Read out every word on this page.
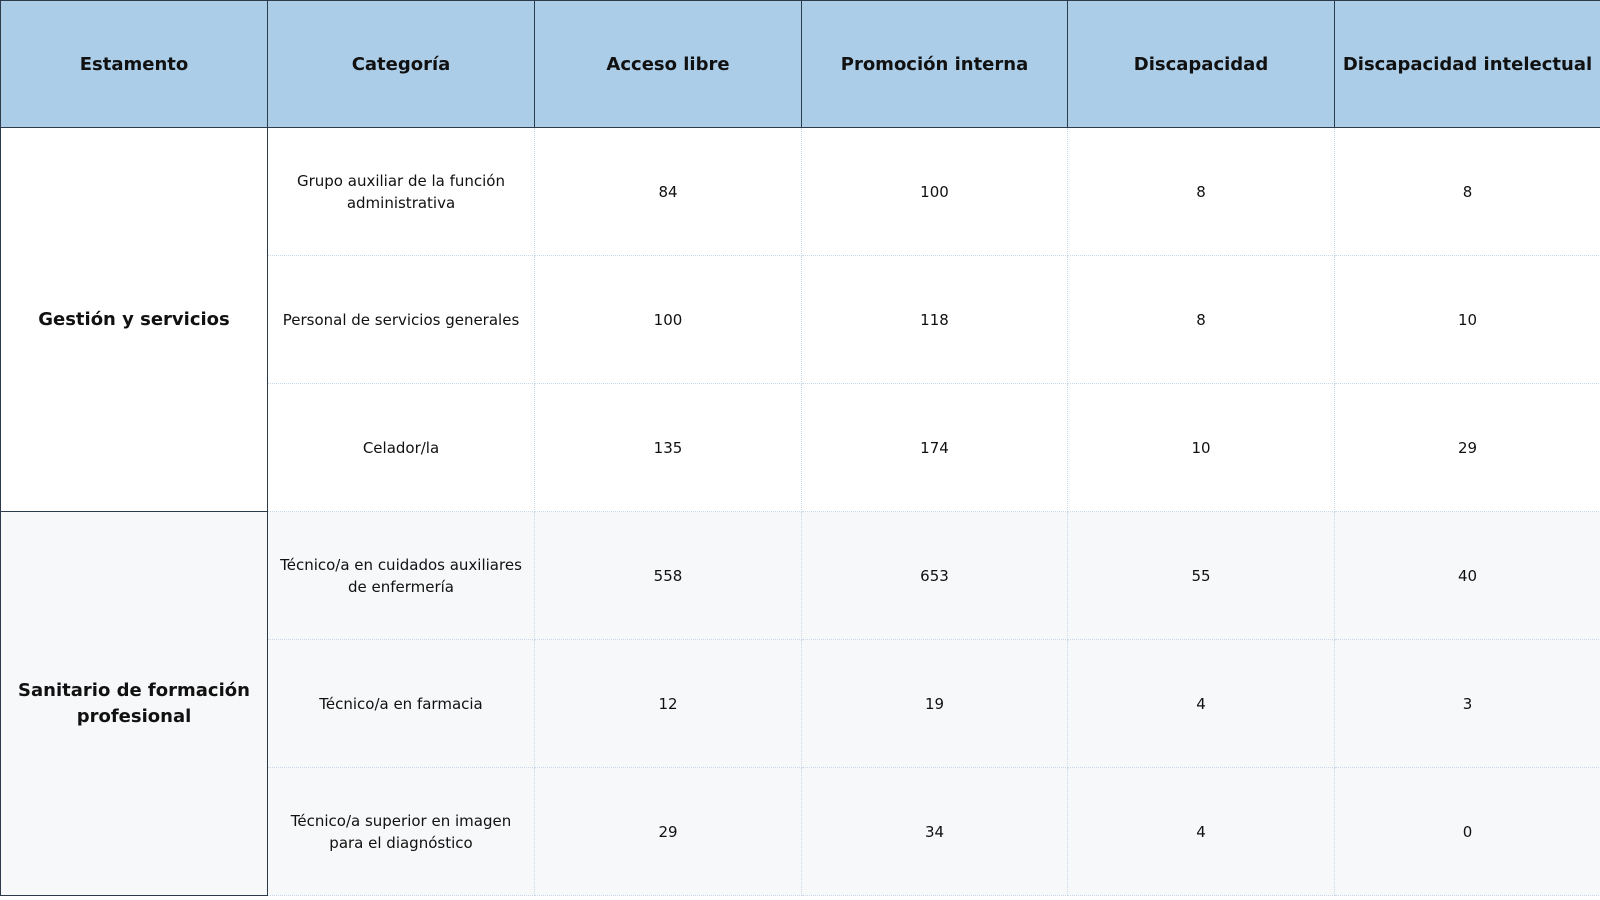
Estamento	Categoría	Acceso libre	Promoción interna	Discapacidad	Discapacidad intelectual
Gestión y servicios	Grupo auxiliar de la función administrativa	84	100	8	8
	Personal de servicios generales	100	118	8	10
	Celador/la	135	174	10	29
Sanitario de formación profesional	Técnico/a en cuidados auxiliares de enfermería	558	653	55	40
	Técnico/a en farmacia	12	19	4	3
	Técnico/a superior en imagen para el diagnóstico	29	34	4	0
